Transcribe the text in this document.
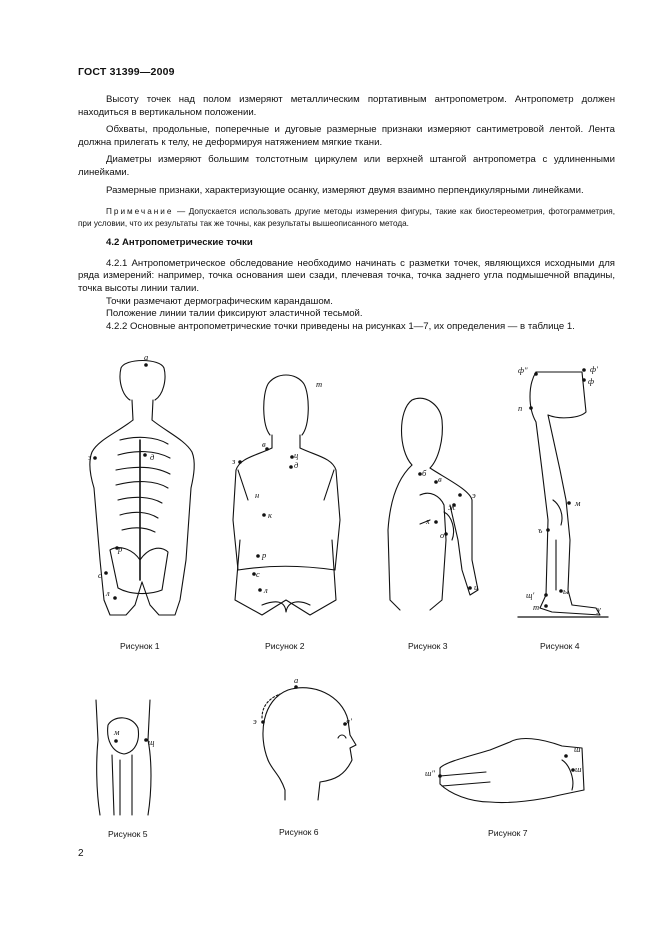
ГОСТ 31399—2009

Высоту точек над полом измеряют металлическим портативным антропометром. Антропометр должен находиться в вертикальном положении.

Обхваты, продольные, поперечные и дуговые размерные признаки измеряют сантиметровой лентой. Лента должна прилегать к телу, не деформируя натяжением мягкие ткани.

Диаметры измеряют большим толстотным циркулем или верхней штангой антропометра с удлиненными линейками.

Размерные признаки, характеризующие осанку, измеряют двумя взаимно перпендикулярными линейками.

Примечание — Допускается использовать другие методы измерения фигуры, такие как биостереометрия, фотограмметрия, при условии, что их результаты так же точны, как результаты вышеописанного метода.

4.2 Антропометрические точки

4.2.1 Антропометрическое обследование необходимо начинать с разметки точек, являющихся исходными для ряда измерений: например, точка основания шеи сзади, плечевая точка, точка заднего угла подмышечной впадины, точка высоты линии талии.

Точки размечают дермографическим карандашом.

Положение линии талии фиксируют эластичной тесьмой.

4.2.2 Основные антропометрические точки приведены на рисунках 1—7, их определения — в таблице 1.

а
з	д
р
с
л
т
в
з
ц
д
н
к
р
с
л
б
в
э
ж
х
о
и
ф"	ф'
ф
п
м
ъ
щ'
т
ы
у
м
щ
а
э	я'
ш"
ш
ш'
Рисунок 1	Рисунок 2	Рисунок 3	Рисунок 4
Рисунок 5	Рисунок 6	Рисунок 7
2
